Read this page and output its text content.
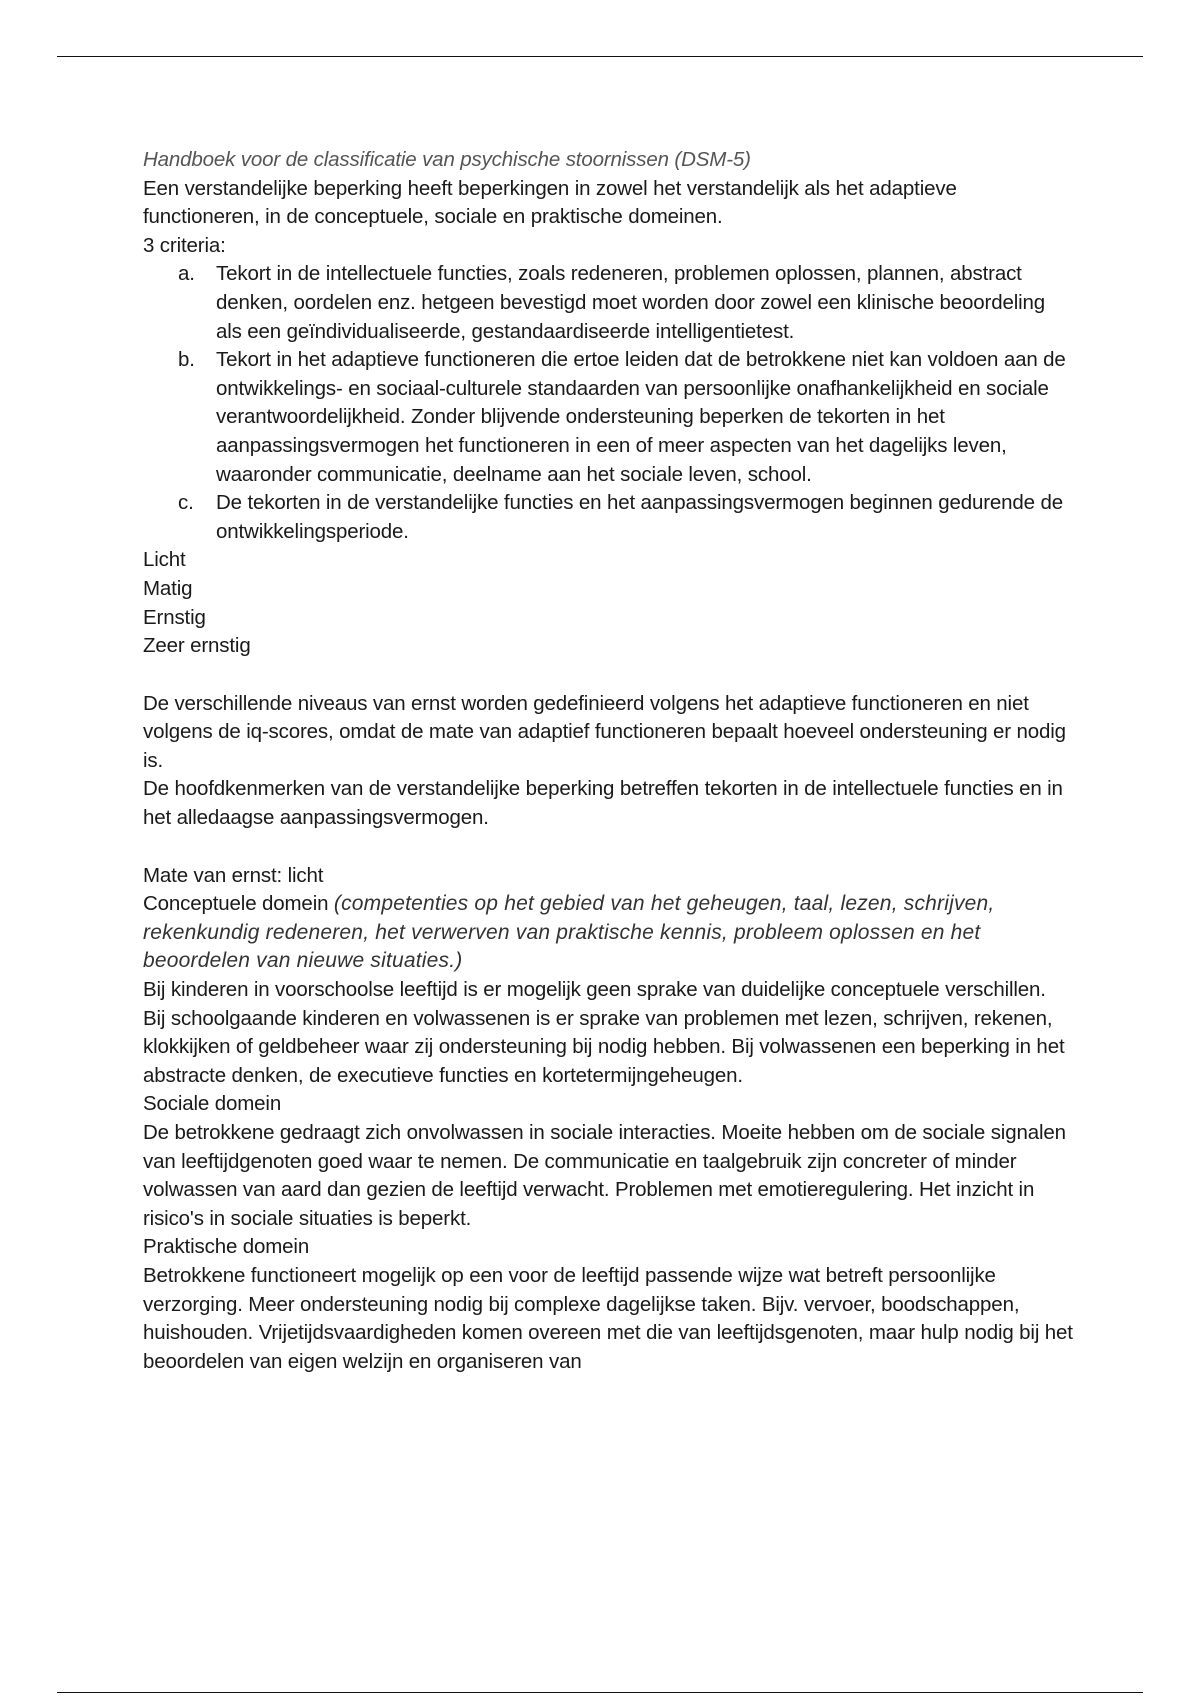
Handboek voor de classificatie van psychische stoornissen (DSM-5)

Een verstandelijke beperking heeft beperkingen in zowel het verstandelijk als het adaptieve functioneren, in de conceptuele, sociale en praktische domeinen.

3 criteria:

a. Tekort in de intellectuele functies, zoals redeneren, problemen oplossen, plannen, abstract denken, oordelen enz. hetgeen bevestigd moet worden door zowel een klinische beoordeling als een geïndividualiseerde, gestandaardiseerde intelligentietest.
b. Tekort in het adaptieve functioneren die ertoe leiden dat de betrokkene niet kan voldoen aan de ontwikkelings- en sociaal-culturele standaarden van persoonlijke onafhankelijkheid en sociale verantwoordelijkheid. Zonder blijvende ondersteuning beperken de tekorten in het aanpassingsvermogen het functioneren in een of meer aspecten van het dagelijks leven, waaronder communicatie, deelname aan het sociale leven, school.
c. De tekorten in de verstandelijke functies en het aanpassingsvermogen beginnen gedurende de ontwikkelingsperiode.

Licht

Matig

Ernstig

Zeer ernstig

De verschillende niveaus van ernst worden gedefinieerd volgens het adaptieve functioneren en niet volgens de iq-scores, omdat de mate van adaptief functioneren bepaalt hoeveel ondersteuning er nodig is.

De hoofdkenmerken van de verstandelijke beperking betreffen tekorten in de intellectuele functies en in het alledaagse aanpassingsvermogen.

Mate van ernst: licht

Conceptuele domein (competenties op het gebied van het geheugen, taal, lezen, schrijven, rekenkundig redeneren, het verwerven van praktische kennis, probleem oplossen en het beoordelen van nieuwe situaties.)

Bij kinderen in voorschoolse leeftijd is er mogelijk geen sprake van duidelijke conceptuele verschillen. Bij schoolgaande kinderen en volwassenen is er sprake van problemen met lezen, schrijven, rekenen, klokkijken of geldbeheer waar zij ondersteuning bij nodig hebben. Bij volwassenen een beperking in het abstracte denken, de executieve functies en kortetermijngeheugen.

Sociale domein

De betrokkene gedraagt zich onvolwassen in sociale interacties. Moeite hebben om de sociale signalen van leeftijdgenoten goed waar te nemen. De communicatie en taalgebruik zijn concreter of minder volwassen van aard dan gezien de leeftijd verwacht. Problemen met emotieregulering. Het inzicht in risico's in sociale situaties is beperkt.

Praktische domein

Betrokkene functioneert mogelijk op een voor de leeftijd passende wijze wat betreft persoonlijke verzorging. Meer ondersteuning nodig bij complexe dagelijkse taken. Bijv. vervoer, boodschappen, huishouden. Vrijetijdsvaardigheden komen overeen met die van leeftijdsgenoten, maar hulp nodig bij het beoordelen van eigen welzijn en organiseren van
